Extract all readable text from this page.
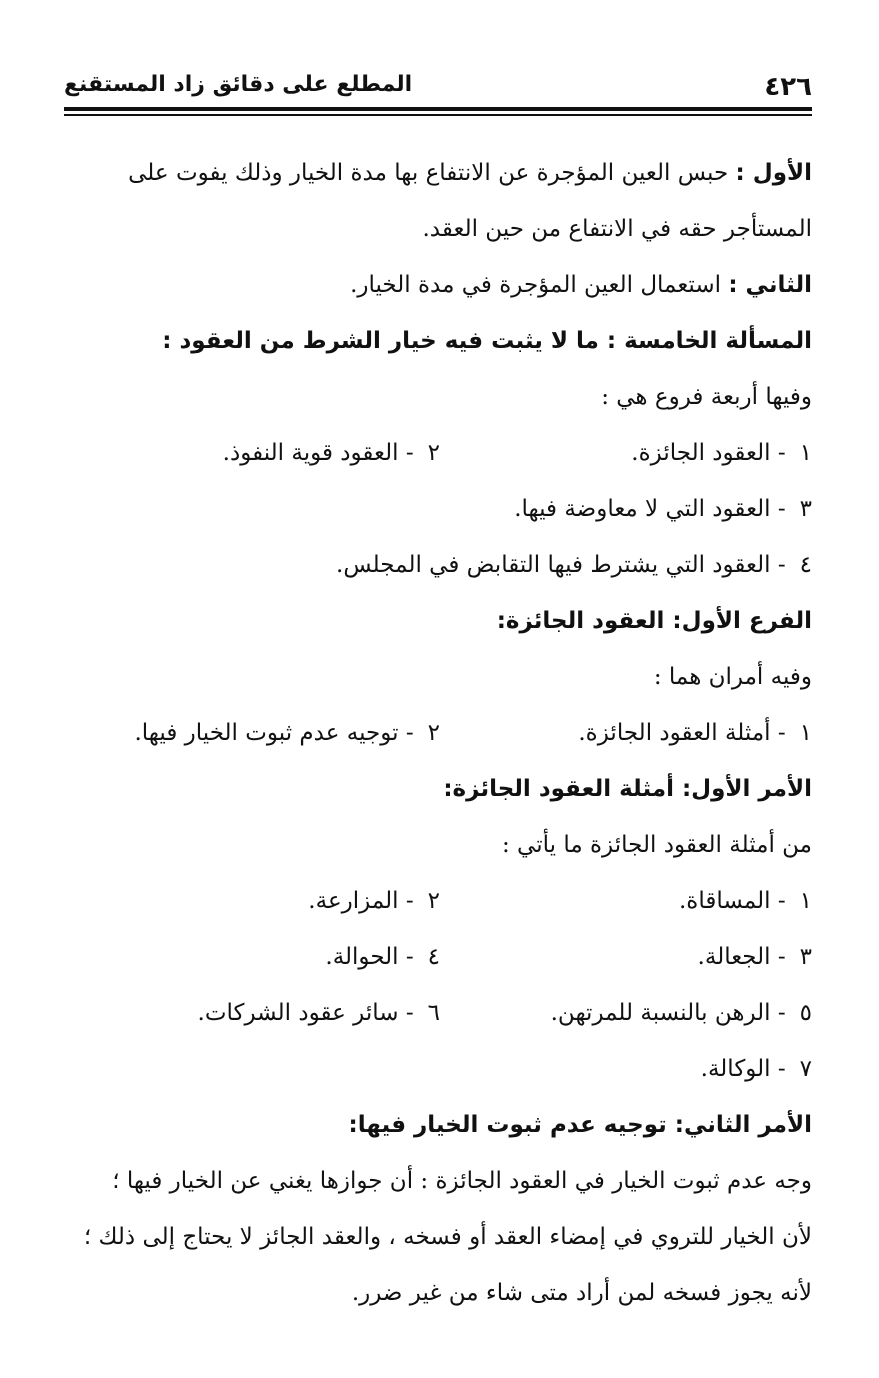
٤٢٦
المطلع على دقائق زاد المستقنع

الأول : حبس العين المؤجرة عن الانتفاع بها مدة الخيار وذلك يفوت على

المستأجر حقه في الانتفاع من حين العقد.

الثاني : استعمال العين المؤجرة في مدة الخيار.

المسألة الخامسة : ما لا يثبت فيه خيار الشرط من العقود :

وفيها أربعة فروع هي :

١- العقود الجائزة.
٢- العقود قوية النفوذ.
٣- العقود التي لا معاوضة فيها.
٤- العقود التي يشترط فيها التقابض في المجلس.

الفرع الأول: العقود الجائزة:

وفيه أمران هما :

١- أمثلة العقود الجائزة.
٢- توجيه عدم ثبوت الخيار فيها.

الأمر الأول: أمثلة العقود الجائزة:

من أمثلة العقود الجائزة ما يأتي :

١- المساقاة.
٢- المزارعة.
٣- الجعالة.
٤- الحوالة.
٥- الرهن بالنسبة للمرتهن.
٦- سائر عقود الشركات.
٧- الوكالة.

الأمر الثاني: توجيه عدم ثبوت الخيار فيها:

وجه عدم ثبوت الخيار في العقود الجائزة : أن جوازها يغني عن الخيار فيها ؛

لأن الخيار للتروي في إمضاء العقد أو فسخه ، والعقد الجائز لا يحتاج إلى ذلك ؛

لأنه يجوز فسخه لمن أراد متى شاء من غير ضرر.
